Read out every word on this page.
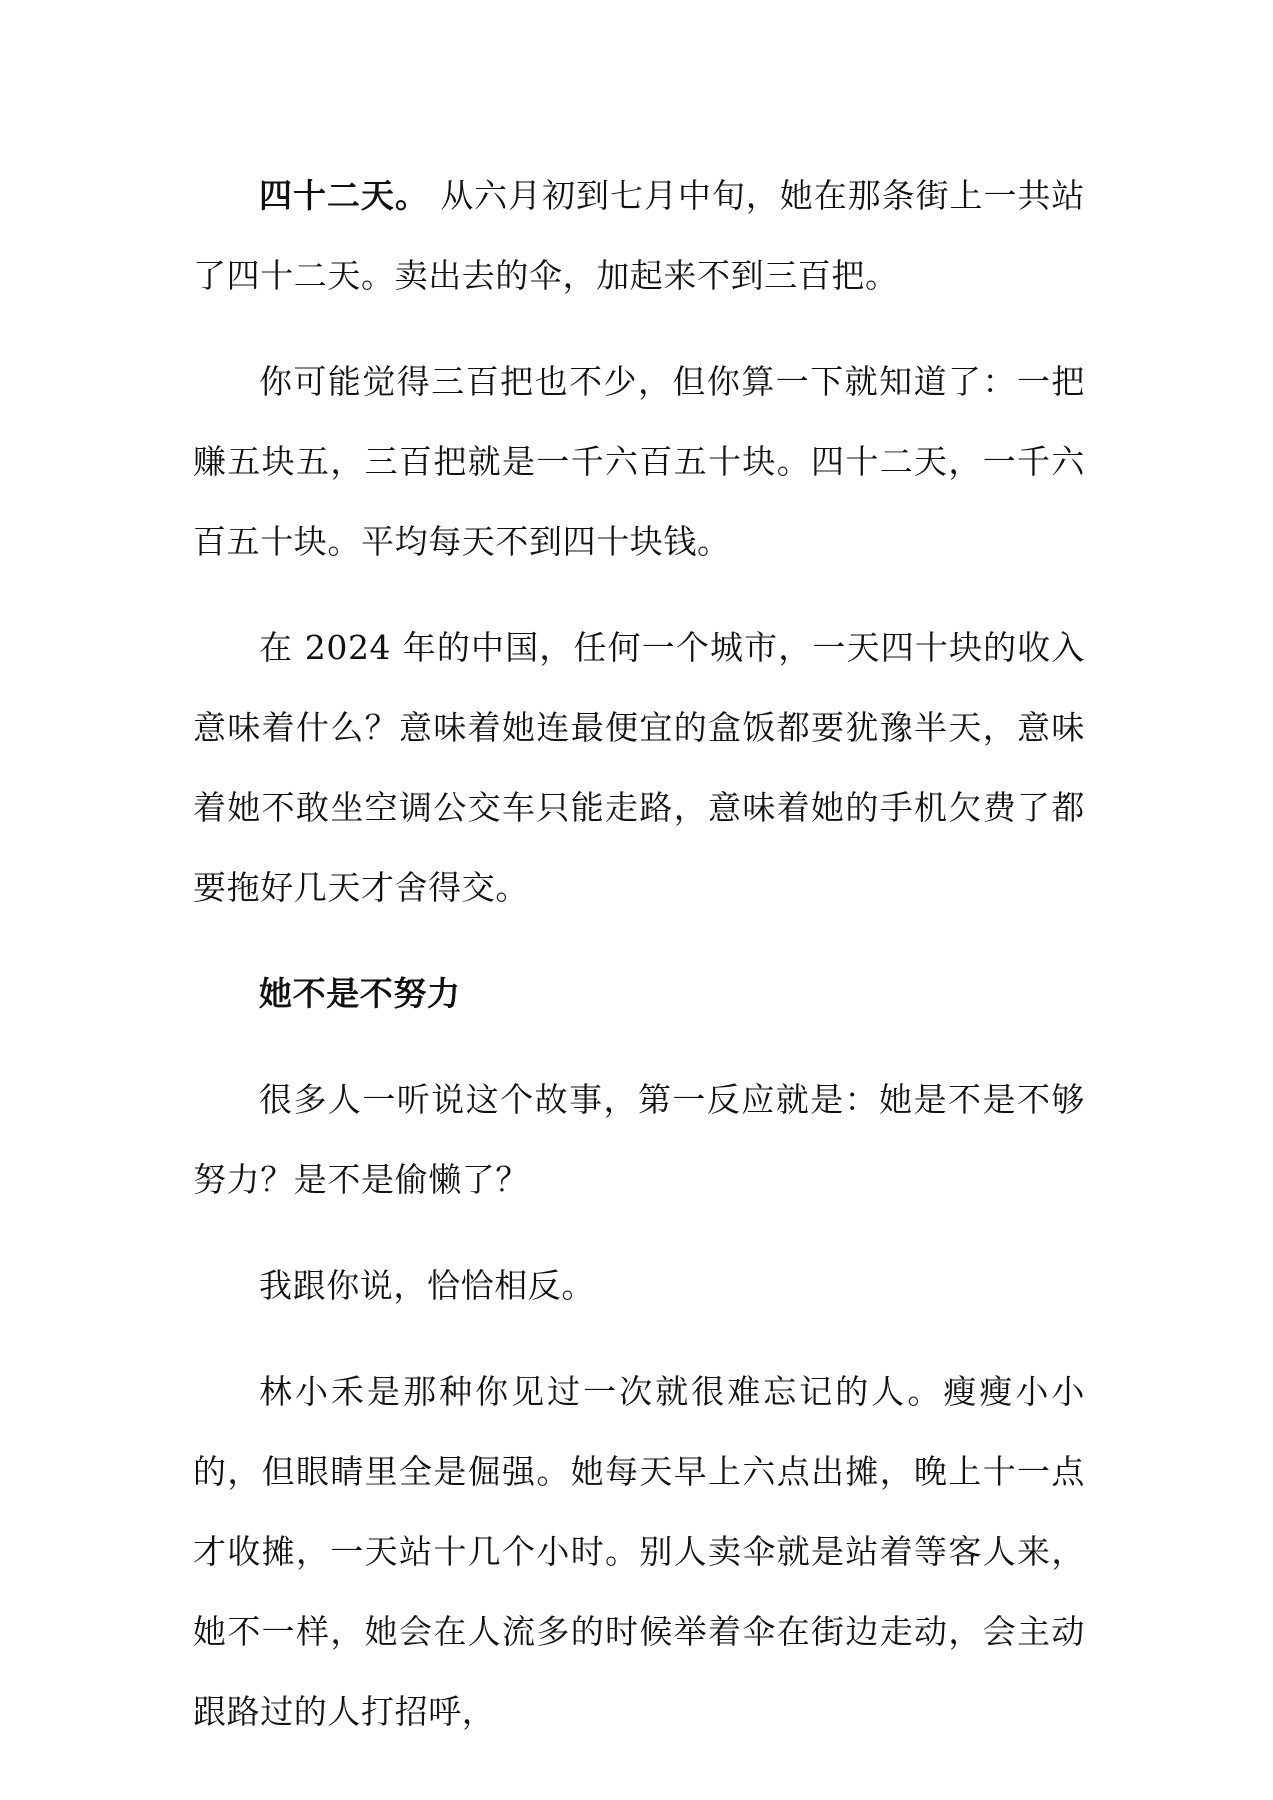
四十二天。 从六月初到七月中旬，她在那条街上一共站了四十二天。卖出去的伞，加起来不到三百把。

你可能觉得三百把也不少，但你算一下就知道了：一把赚五块五，三百把就是一千六百五十块。四十二天，一千六百五十块。平均每天不到四十块钱。

在 2024 年的中国，任何一个城市，一天四十块的收入意味着什么？意味着她连最便宜的盒饭都要犹豫半天，意味着她不敢坐空调公交车只能走路，意味着她的手机欠费了都要拖好几天才舍得交。

她不是不努力

很多人一听说这个故事，第一反应就是：她是不是不够努力？是不是偷懒了？

我跟你说，恰恰相反。

林小禾是那种你见过一次就很难忘记的人。瘦瘦小小的，但眼睛里全是倔强。她每天早上六点出摊，晚上十一点才收摊，一天站十几个小时。别人卖伞就是站着等客人来，她不一样，她会在人流多的时候举着伞在街边走动，会主动跟路过的人打招呼，
